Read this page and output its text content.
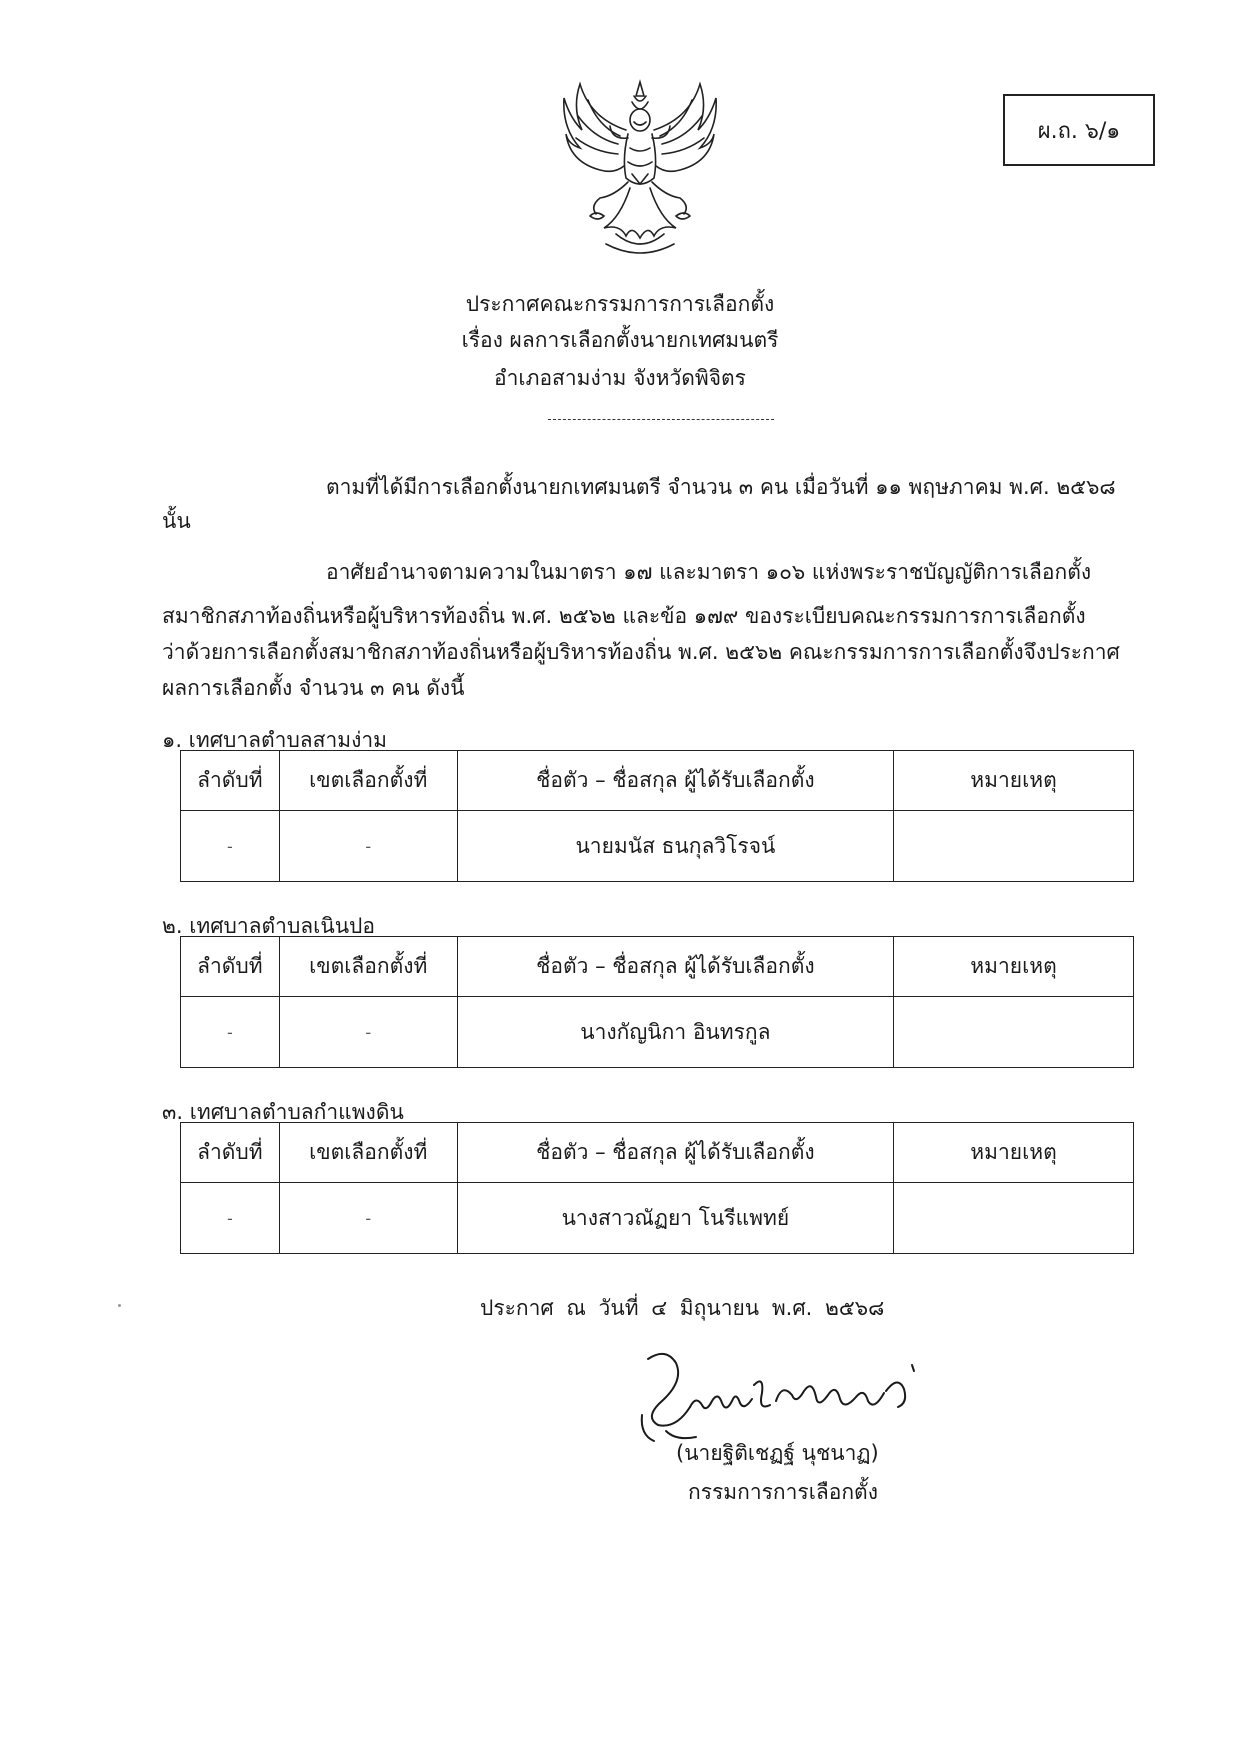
ผ.ถ. ๖/๑
ประกาศคณะกรรมการการเลือกตั้ง
เรื่อง ผลการเลือกตั้งนายกเทศมนตรี
อำเภอสามง่าม จังหวัดพิจิตร
ตามที่ได้มีการเลือกตั้งนายกเทศมนตรี จำนวน ๓ คน เมื่อวันที่ ๑๑ พฤษภาคม พ.ศ. ๒๕๖๘
นั้น
อาศัยอำนาจตามความในมาตรา ๑๗ และมาตรา ๑๐๖ แห่งพระราชบัญญัติการเลือกตั้ง
สมาชิกสภาท้องถิ่นหรือผู้บริหารท้องถิ่น พ.ศ. ๒๕๖๒ และข้อ ๑๗๙ ของระเบียบคณะกรรมการการเลือกตั้ง
ว่าด้วยการเลือกตั้งสมาชิกสภาท้องถิ่นหรือผู้บริหารท้องถิ่น พ.ศ. ๒๕๖๒ คณะกรรมการการเลือกตั้งจึงประกาศ
ผลการเลือกตั้ง จำนวน ๓ คน ดังนี้
๑. เทศบาลตำบลสามง่าม
ลำดับที่	เขตเลือกตั้งที่	ชื่อตัว – ชื่อสกุล ผู้ได้รับเลือกตั้ง	หมายเหตุ
-	-	นายมนัส ธนกุลวิโรจน์	
๒. เทศบาลตำบลเนินปอ
ลำดับที่	เขตเลือกตั้งที่	ชื่อตัว – ชื่อสกุล ผู้ได้รับเลือกตั้ง	หมายเหตุ
-	-	นางกัญนิกา อินทรกูล	
๓. เทศบาลตำบลกำแพงดิน
ลำดับที่	เขตเลือกตั้งที่	ชื่อตัว – ชื่อสกุล ผู้ได้รับเลือกตั้ง	หมายเหตุ
-	-	นางสาวณัฏยา โนรีแพทย์	
ประกาศ ณ วันที่ ๔ มิถุนายน พ.ศ. ๒๕๖๘
(นายฐิติเชฏฐ์ นุชนาฏ)
กรรมการการเลือกตั้ง
